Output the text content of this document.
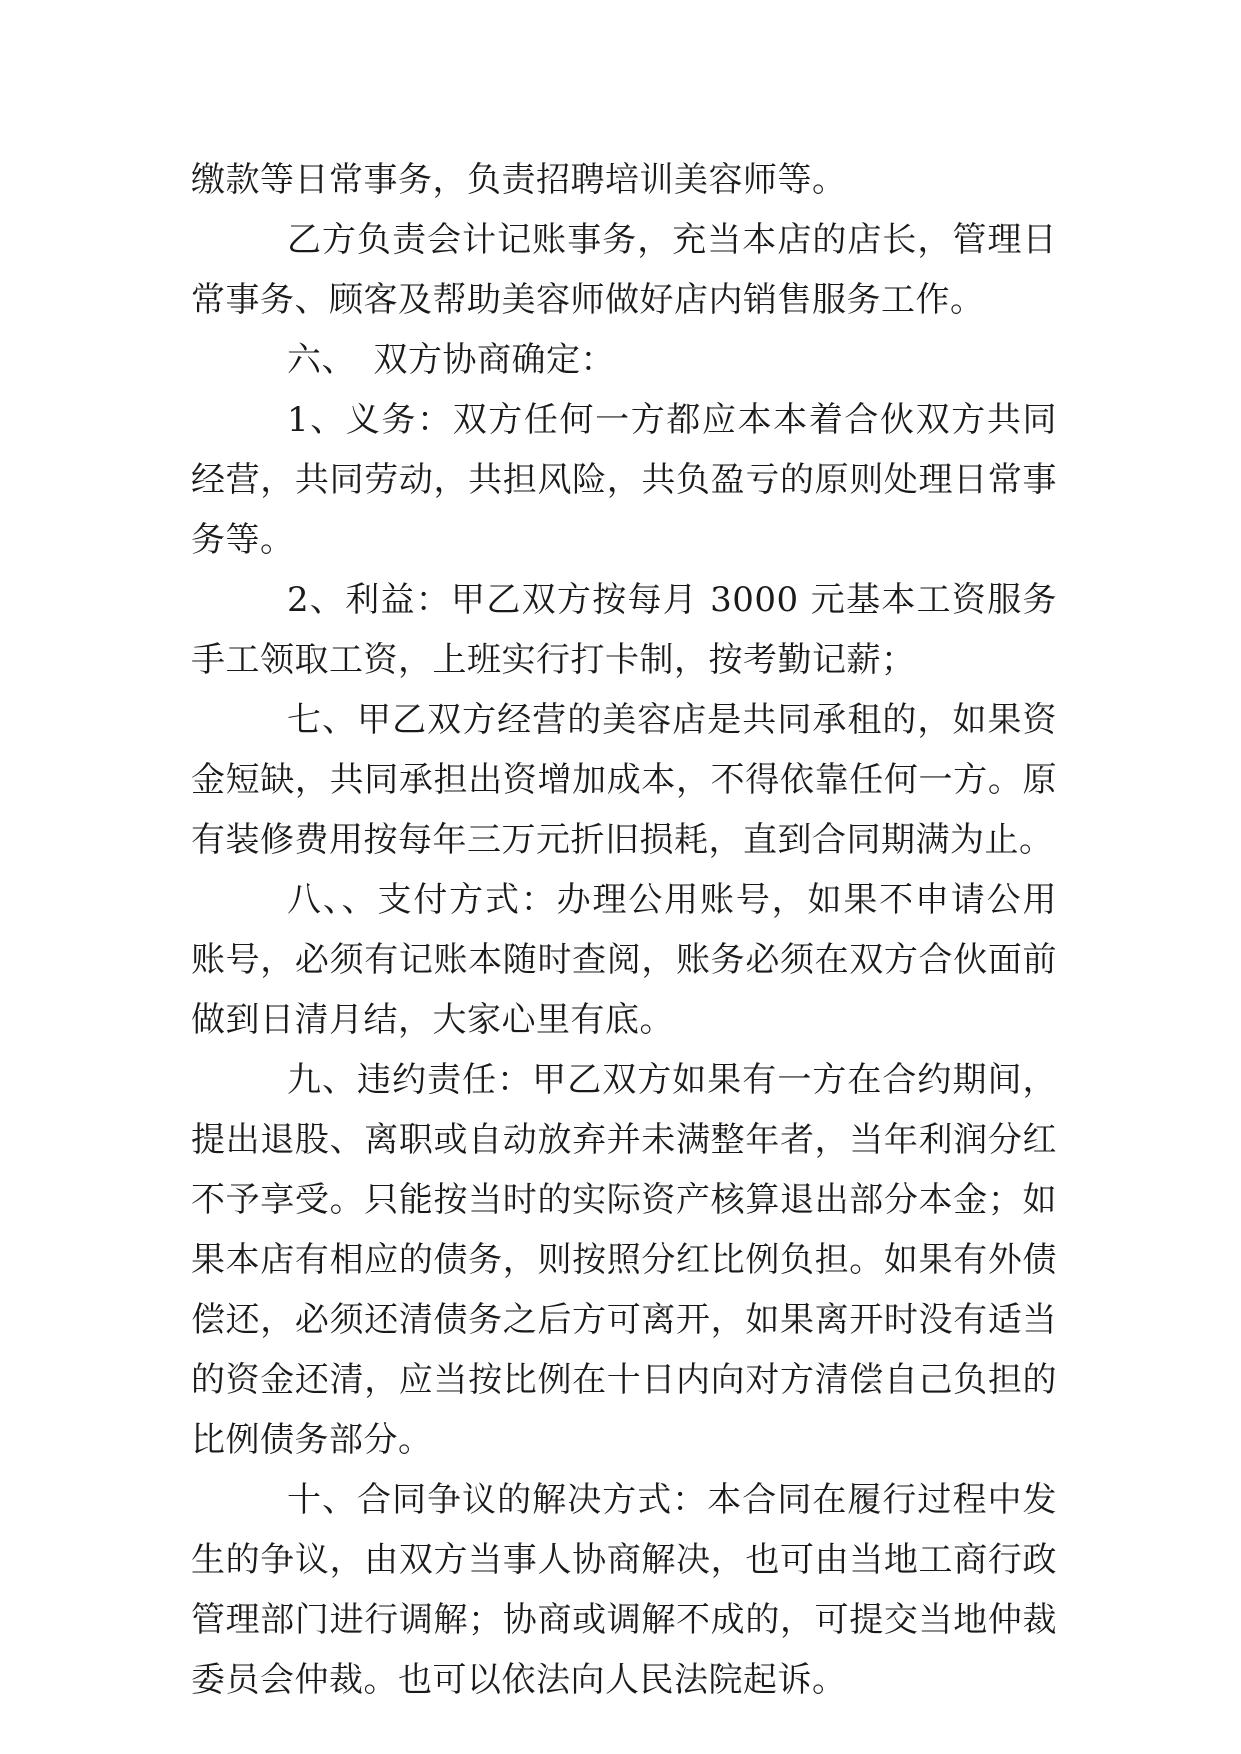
缴款等日常事务，负责招聘培训美容师等。

乙方负责会计记账事务，充当本店的店长，管理日常事务、顾客及帮助美容师做好店内销售服务工作。

六、　双方协商确定：

1、义务：双方任何一方都应本本着合伙双方共同经营，共同劳动，共担风险，共负盈亏的原则处理日常事务等。

2、利益：甲乙双方按每月 3000 元基本工资服务手工领取工资，上班实行打卡制，按考勤记薪；

七、甲乙双方经营的美容店是共同承租的，如果资金短缺，共同承担出资增加成本，不得依靠任何一方。原有装修费用按每年三万元折旧损耗，直到合同期满为止。

八、、支付方式：办理公用账号，如果不申请公用账号，必须有记账本随时查阅，账务必须在双方合伙面前做到日清月结，大家心里有底。

九、违约责任：甲乙双方如果有一方在合约期间，提出退股、离职或自动放弃并未满整年者，当年利润分红不予享受。只能按当时的实际资产核算退出部分本金；如果本店有相应的债务，则按照分红比例负担。如果有外债偿还，必须还清债务之后方可离开，如果离开时没有适当的资金还清，应当按比例在十日内向对方清偿自己负担的比例债务部分。

十、合同争议的解决方式：本合同在履行过程中发生的争议，由双方当事人协商解决，也可由当地工商行政管理部门进行调解；协商或调解不成的，可提交当地仲裁委员会仲裁。也可以依法向人民法院起诉。
